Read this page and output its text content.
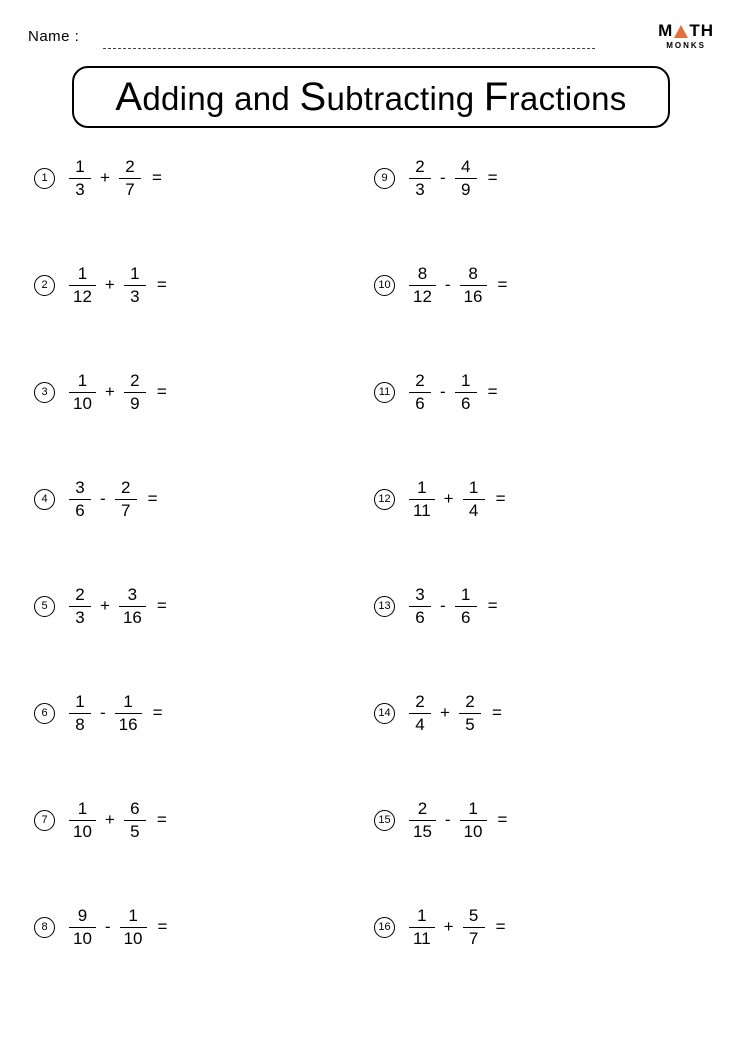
Name :	M TH
MONKS
Adding and Subtracting Fractions
1	$\frac{1}{3} + \frac{2}{7}$ =
2	$\frac{1}{12} + \frac{1}{3}$ =
3	$\frac{1}{10} + \frac{2}{9}$ =
4	$\frac{3}{6} - \frac{2}{7}$ =
5	$\frac{2}{3} + \frac{3}{16}$ =
6	$\frac{1}{8} - \frac{1}{16}$ =
7	$\frac{1}{10} + \frac{6}{5}$ =
8	$\frac{9}{10} - \frac{1}{10}$ =
9	$\frac{2}{3} - \frac{4}{9}$ =
$10 \frac{8}{12} - \frac{8}{16}$ =
$11 \frac{2}{6} - \frac{1}{6}$ =
$12 \frac{1}{11} + \frac{1}{4}$ =
$13 \frac{3}{6} - \frac{1}{6}$ =
$14 \frac{2}{4} + \frac{2}{5}$ =
$15 \frac{2}{15} - \frac{1}{10}$ =
$16 \frac{1}{11} + \frac{5}{7}$ =
